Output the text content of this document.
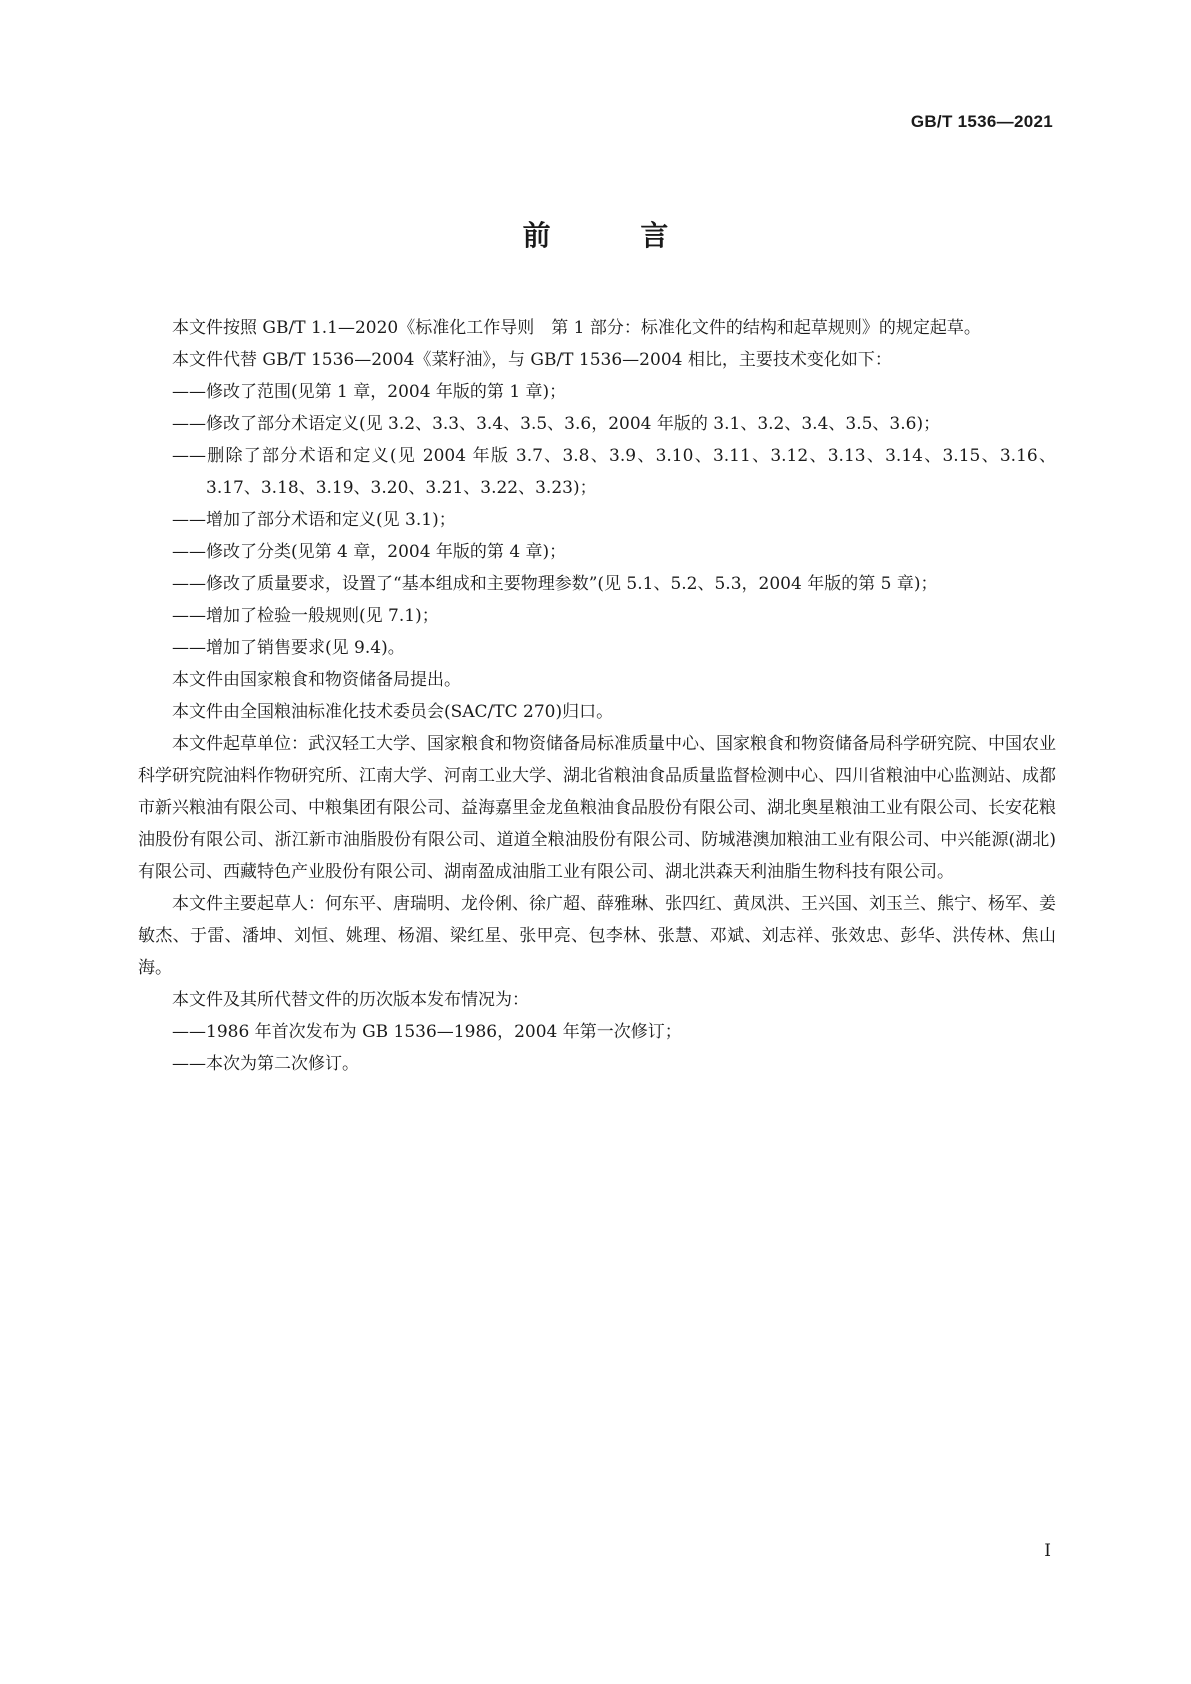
GB/T 1536—2021
前 言

本文件按照 GB/T 1.1—2020《标准化工作导则　第 1 部分：标准化文件的结构和起草规则》的规定起草。

本文件代替 GB/T 1536—2004《菜籽油》，与 GB/T 1536—2004 相比，主要技术变化如下：

——修改了范围(见第 1 章，2004 年版的第 1 章)；

——修改了部分术语定义(见 3.2、3.3、3.4、3.5、3.6，2004 年版的 3.1、3.2、3.4、3.5、3.6)；

——删除了部分术语和定义(见 2004 年版 3.7、3.8、3.9、3.10、3.11、3.12、3.13、3.14、3.15、3.16、3.17、3.18、3.19、3.20、3.21、3.22、3.23)；

——增加了部分术语和定义(见 3.1)；

——修改了分类(见第 4 章，2004 年版的第 4 章)；

——修改了质量要求，设置了“基本组成和主要物理参数”(见 5.1、5.2、5.3，2004 年版的第 5 章)；

——增加了检验一般规则(见 7.1)；

——增加了销售要求(见 9.4)。

本文件由国家粮食和物资储备局提出。

本文件由全国粮油标准化技术委员会(SAC/TC 270)归口。

本文件起草单位：武汉轻工大学、国家粮食和物资储备局标准质量中心、国家粮食和物资储备局科学研究院、中国农业科学研究院油料作物研究所、江南大学、河南工业大学、湖北省粮油食品质量监督检测中心、四川省粮油中心监测站、成都市新兴粮油有限公司、中粮集团有限公司、益海嘉里金龙鱼粮油食品股份有限公司、湖北奥星粮油工业有限公司、长安花粮油股份有限公司、浙江新市油脂股份有限公司、道道全粮油股份有限公司、防城港澳加粮油工业有限公司、中兴能源(湖北)有限公司、西藏特色产业股份有限公司、湖南盈成油脂工业有限公司、湖北洪森天利油脂生物科技有限公司。

本文件主要起草人：何东平、唐瑞明、龙伶俐、徐广超、薛雅琳、张四红、黄凤洪、王兴国、刘玉兰、熊宁、杨军、姜敏杰、于雷、潘坤、刘恒、姚理、杨湄、梁红星、张甲亮、包李林、张慧、邓斌、刘志祥、张效忠、彭华、洪传林、焦山海。

本文件及其所代替文件的历次版本发布情况为：

——1986 年首次发布为 GB 1536—1986，2004 年第一次修订；

——本次为第二次修订。

I
